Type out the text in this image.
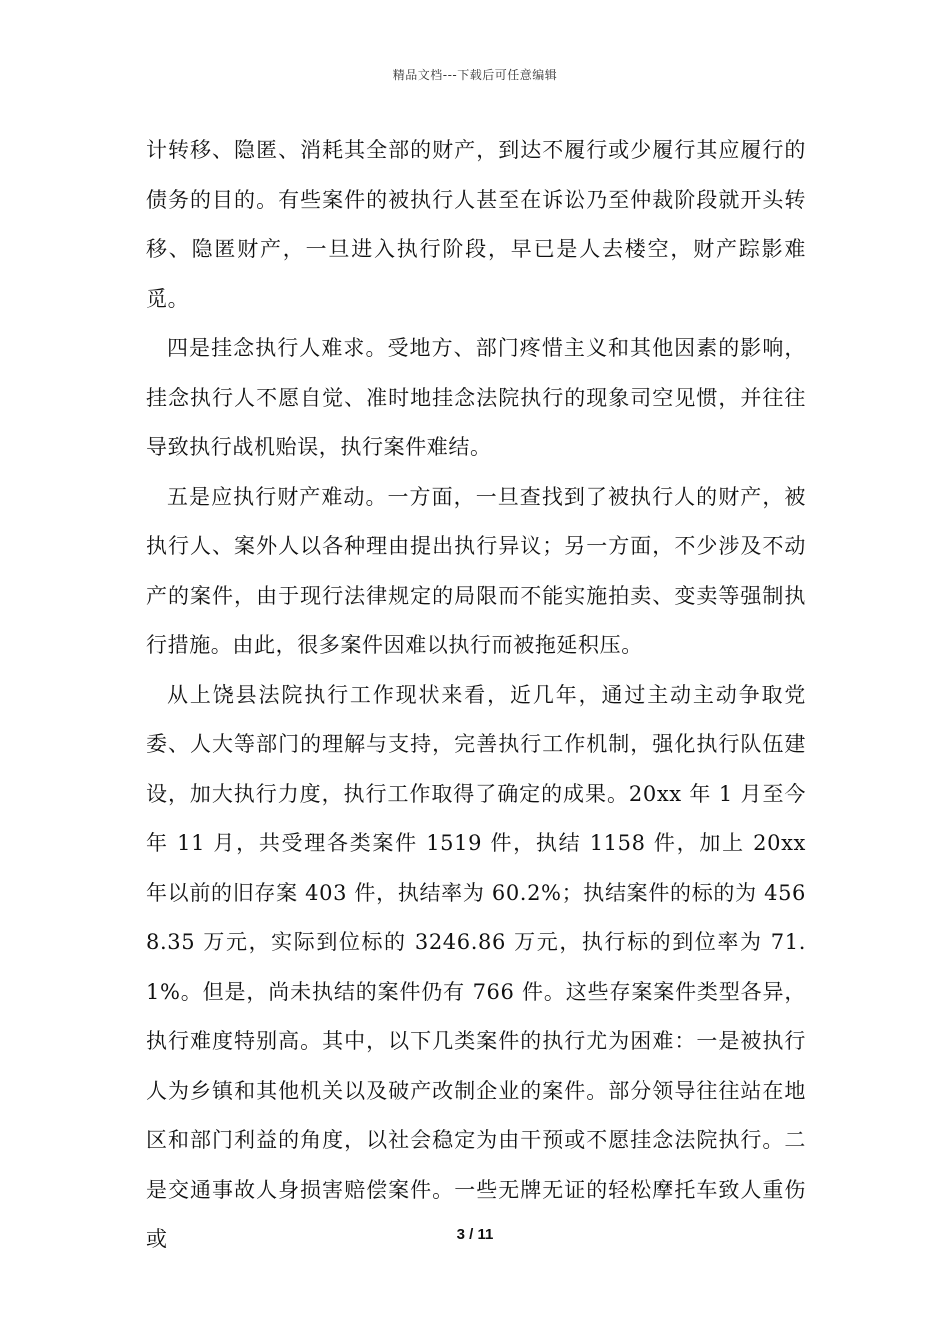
精品文档---下载后可任意编辑

计转移、隐匿、消耗其全部的财产，到达不履行或少履行其应履行的债务的目的。有些案件的被执行人甚至在诉讼乃至仲裁阶段就开头转移、隐匿财产，一旦进入执行阶段，早已是人去楼空，财产踪影难觅。

四是挂念执行人难求。受地方、部门疼惜主义和其他因素的影响，挂念执行人不愿自觉、准时地挂念法院执行的现象司空见惯，并往往导致执行战机贻误，执行案件难结。

五是应执行财产难动。一方面，一旦查找到了被执行人的财产，被执行人、案外人以各种理由提出执行异议；另一方面，不少涉及不动产的案件，由于现行法律规定的局限而不能实施拍卖、变卖等强制执行措施。由此，很多案件因难以执行而被拖延积压。

从上饶县法院执行工作现状来看，近几年，通过主动主动争取党委、人大等部门的理解与支持，完善执行工作机制，强化执行队伍建设，加大执行力度，执行工作取得了确定的成果。20xx 年 1 月至今年 11 月，共受理各类案件 1519 件，执结 1158 件，加上 20xx 年以前的旧存案 403 件，执结率为 60.2%；执结案件的标的为 4568.35 万元，实际到位标的 3246.86 万元，执行标的到位率为 71.1%。但是，尚未执结的案件仍有 766 件。这些存案案件类型各异，执行难度特别高。其中，以下几类案件的执行尤为困难：一是被执行人为乡镇和其他机关以及破产改制企业的案件。部分领导往往站在地区和部门利益的角度，以社会稳定为由干预或不愿挂念法院执行。二是交通事故人身损害赔偿案件。一些无牌无证的轻松摩托车致人重伤或	3 / 11
